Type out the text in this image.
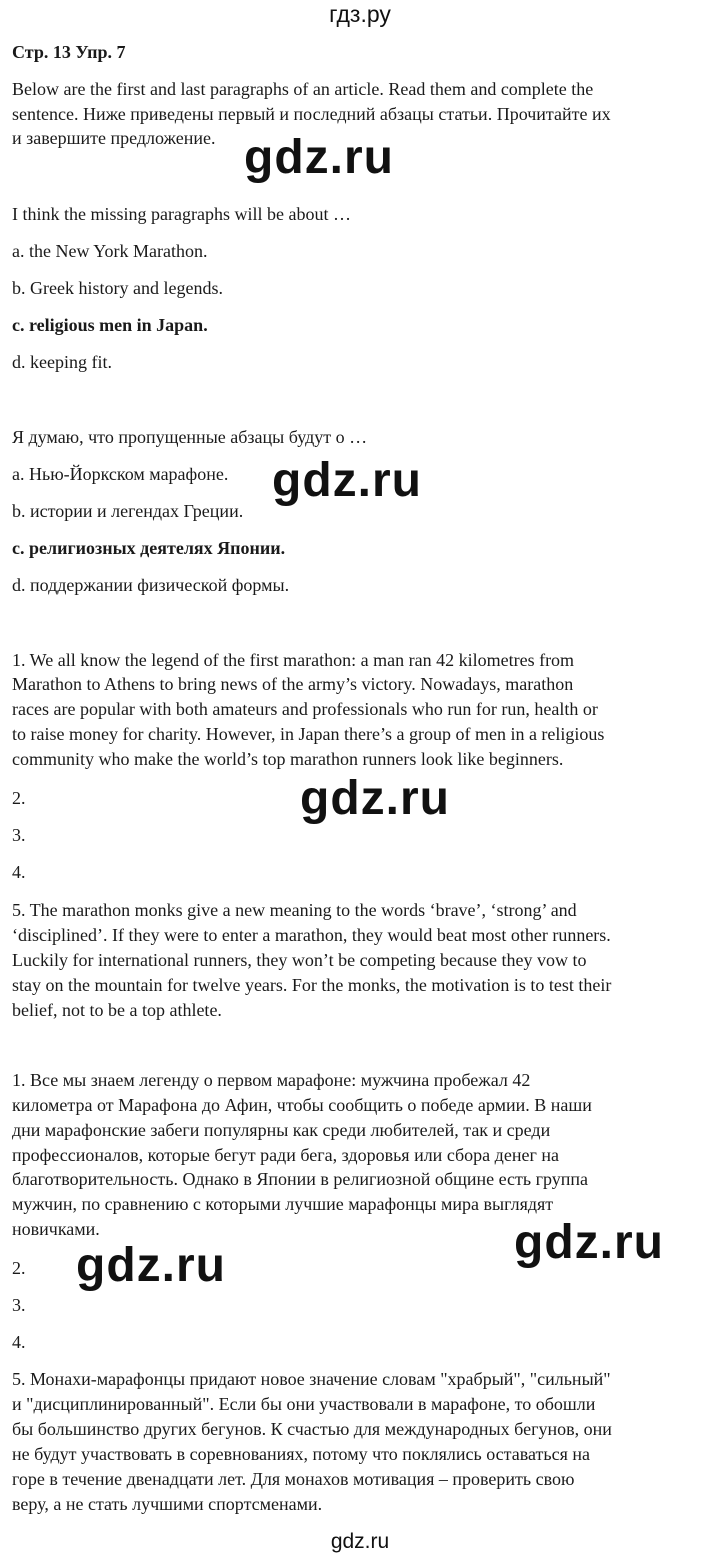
гдз.ру

Стр. 13 Упр. 7

Below are the first and last paragraphs of an article. Read them and complete the

sentence. Ниже приведены первый и последний абзацы статьи. Прочитайте их

и завершите предложение.

I think the missing paragraphs will be about …

a. the New York Marathon.

b. Greek history and legends.

c. religious men in Japan.

d. keeping fit.

Я думаю, что пропущенные абзацы будут о …

a. Нью-Йоркском марафоне.

b. истории и легендах Греции.

c. религиозных деятелях Японии.

d. поддержании физической формы.

1. We all know the legend of the first marathon: a man ran 42 kilometres from

Marathon to Athens to bring news of the army’s victory. Nowadays, marathon

races are popular with both amateurs and professionals who run for run, health or

to raise money for charity. However, in Japan there’s a group of men in a religious

community who make the world’s top marathon runners look like beginners.

2.

3.

4.

5. The marathon monks give a new meaning to the words ‘brave’, ‘strong’ and

‘disciplined’. If they were to enter a marathon, they would beat most other runners.

Luckily for international runners, they won’t be competing because they vow to

stay on the mountain for twelve years. For the monks, the motivation is to test their

belief, not to be a top athlete.

1. Все мы знаем легенду о первом марафоне: мужчина пробежал 42

километра от Марафона до Афин, чтобы сообщить о победе армии. В наши

дни марафонские забеги популярны как среди любителей, так и среди

профессионалов, которые бегут ради бега, здоровья или сбора денег на

благотворительность. Однако в Японии в религиозной общине есть группа

мужчин, по сравнению с которыми лучшие марафонцы мира выглядят

новичками.

2.

3.

4.

5. Монахи-марафонцы придают новое значение словам "храбрый", "сильный"

и "дисциплинированный". Если бы они участвовали в марафоне, то обошли

бы большинство других бегунов. К счастью для международных бегунов, они

не будут участвовать в соревнованиях, потому что поклялись оставаться на

горе в течение двенадцати лет. Для монахов мотивация – проверить свою

веру, а не стать лучшими спортсменами.

gdz.ru
gdz.ru
gdz.ru
gdz.ru
gdz.ru
gdz.ru
